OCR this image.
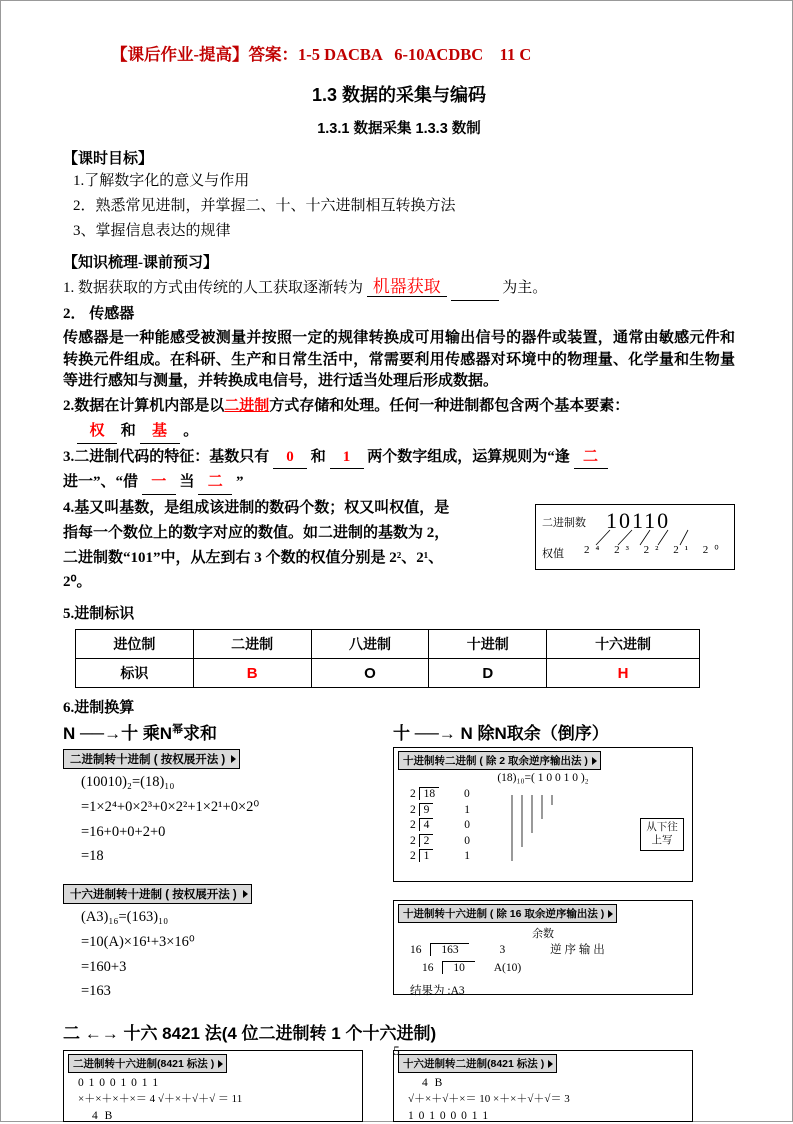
【课后作业-提高】答案：1-5 DACBA   6-10ACDBC    11 C
1.3 数据的采集与编码
1.3.1 数据采集 1.3.3 数制
【课时目标】
1.了解数字化的意义与作用
2．熟悉常见进制，并掌握二、十、十六进制相互转换方法
3、掌握信息表达的规律
【知识梳理-课前预习】
1. 数据获取的方式由传统的人工获取逐渐转为 机器获取	为主。
2． 传感器
传感器是一种能感受被测量并按照一定的规律转换成可用输出信号的器件或装置，通常由敏感元件和转换元件组成。在科研、生产和日常生活中，常需要利用传感器对环境中的物理量、化学量和生物量等进行感知与测量，并转换成电信号，进行适当处理后形成数据。
2.数据在计算机内部是以二进制方式存储和处理。任何一种进制都包含两个基本要素：
权 和 基 。
3.二进制代码的特征：基数只有 0 和 1 两个数字组成，运算规则为“逢 二
进一”、“借 一 当 二 ”
4.基又叫基数，是组成该进制的数码个数；权又叫权值，是
指每一个数位上的数字对应的数值。如二进制的基数为 2，
二进制数“101”中，从左到右 3 个数的权值分别是 2²、2¹、
2⁰。
二进制数 10110
权值 2⁴ 2³ 2² 2¹ 2⁰
5.进制标识
进位制	二进制	八进制	十进制	十六进制
标识	B	O	D	H
6.进制换算
N ──→十 乘$N^幂$求和	十 ──→ N 除N取余（倒序）
二进制转十进制 ( 按权展开法 )
(10010)₂=(18)₁₀
=1×2⁴+0×2³+0×2²+1×2¹+0×2⁰
=16+0+0+2+0
=18
十六进制转十进制 ( 按权展开法 )
(A3)₁₆=(163)₁₀
=10(A)×16¹+3×16⁰
=160+3
=163
十进制转二进制 ( 除 2 取余逆序输出法 )
(18)₁₀=( 1 0 0 1 0 )₂
2 18	0
2 9	1
2 4	0
2 2	0
2 1	1
从下往上写
十进制转十六进制 ( 除 16 取余逆序输出法 )
余数
16 163	3	逆 序 输 出
16 10	A(10)
结果为 :A3
二 ←→ 十六 8421 法(4 位二进制转 1 个十六进制)
二进制转十六进制(8421 标法 )
0 1 0 0 1 0 1 1
×＋×＋×＋×＝ 4 √＋×＋√＋√ ＝ 11
4 B
十六进制转二进制(8421 标法 )
4 B
√＋×＋√＋×＝ 10 ×＋×＋√＋√＝ 3
1 0 1 0 0 0 1 1
5
